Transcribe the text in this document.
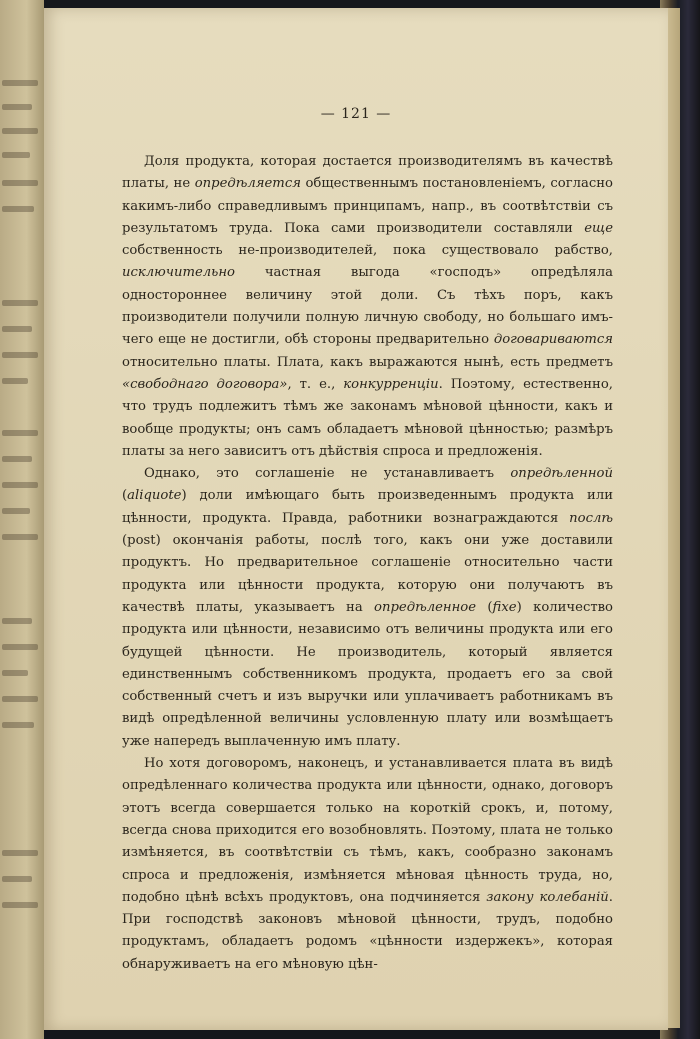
— 121 —

Доля продукта, которая достается производителямъ въ качествѣ платы, не опредѣляется общественнымъ постановленіемъ, согласно какимъ-либо справедливымъ принципамъ, напр., въ соотвѣтствіи съ результатомъ труда. Пока сами производители составляли еще собственность не-производителей, пока существовало рабство, исключительно частная выгода «господъ» опредѣляла одностороннее величину этой доли. Съ тѣхъ поръ, какъ производители получили полную личную свободу, но большаго имъ-чего еще не достигли, обѣ стороны предварительно договариваются относительно платы. Плата, какъ выражаются нынѣ, есть предметъ «свободнаго договора», т. е., конкурренціи. Поэтому, естественно, что трудъ подлежитъ тѣмъ же законамъ мѣновой цѣнности, какъ и вообще продукты; онъ самъ обладаетъ мѣновой цѣнностью; размѣръ платы за него зависитъ отъ дѣйствія спроса и предложенія.

Однако, это соглашеніе не устанавливаетъ опредѣленной (aliquote) доли имѣющаго быть произведеннымъ продукта или цѣнности, продукта. Правда, работники вознаграждаются послѣ (post) окончанія работы, послѣ того, какъ они уже доставили продуктъ. Но предварительное соглашеніе относительно части продукта или цѣнности продукта, которую они получаютъ въ качествѣ платы, указываетъ на опредѣленное (fixe) количество продукта или цѣнности, независимо отъ величины продукта или его будущей цѣнности. Не производитель, который является единственнымъ собственникомъ продукта, продаетъ его за свой собственный счетъ и изъ выручки или уплачиваетъ работникамъ въ видѣ опредѣленной величины условленную плату или возмѣщаетъ уже напередъ выплаченную имъ плату.

Но хотя договоромъ, наконецъ, и устанавливается плата въ видѣ опредѣленнаго количества продукта или цѣнности, однако, договоръ этотъ всегда совершается только на короткій срокъ, и, потому, всегда снова приходится его возобновлять. Поэтому, плата не только измѣняется, въ соотвѣтствіи съ тѣмъ, какъ, сообразно законамъ спроса и предложенія, измѣняется мѣновая цѣнность труда, но, подобно цѣнѣ всѣхъ продуктовъ, она подчиняется закону колебаній. При господствѣ законовъ мѣновой цѣнности, трудъ, подобно продуктамъ, обладаетъ родомъ «цѣнности издержекъ», которая обнаруживаетъ на его мѣновую цѣн-
